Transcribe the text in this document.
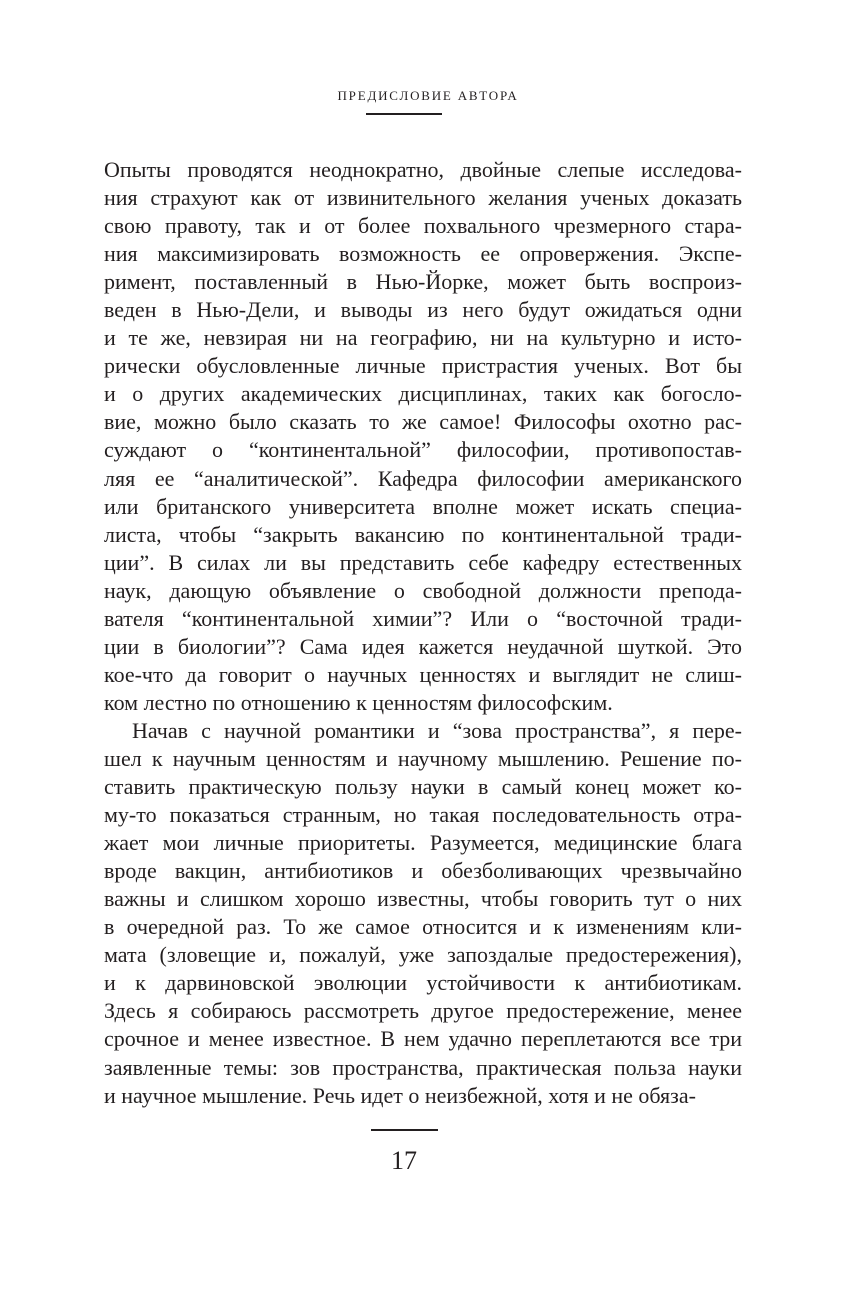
ПРЕДИСЛОВИЕ АВТОРА
Опыты проводятся неоднократно, двойные слепые исследова-
ния страхуют как от извинительного желания ученых доказать
свою правоту, так и от более похвального чрезмерного стара-
ния максимизировать возможность ее опровержения. Экспе-
римент, поставленный в Нью-Йорке, может быть воспроиз-
веден в Нью-Дели, и выводы из него будут ожидаться одни
и те же, невзирая ни на географию, ни на культурно и исто-
рически обусловленные личные пристрастия ученых. Вот бы
и о других академических дисциплинах, таких как богосло-
вие, можно было сказать то же самое! Философы охотно рас-
суждают о “континентальной” философии, противопостав-
ляя ее “аналитической”. Кафедра философии американского
или британского университета вполне может искать специа-
листа, чтобы “закрыть вакансию по континентальной тради-
ции”. В силах ли вы представить себе кафедру естественных
наук, дающую объявление о свободной должности препода-
вателя “континентальной химии”? Или о “восточной тради-
ции в биологии”? Сама идея кажется неудачной шуткой. Это
кое-что да говорит о научных ценностях и выглядит не слиш-
ком лестно по отношению к ценностям философским.
Начав с научной романтики и “зова пространства”, я пере-
шел к научным ценностям и научному мышлению. Решение по-
ставить практическую пользу науки в самый конец может ко-
му-то показаться странным, но такая последовательность отра-
жает мои личные приоритеты. Разумеется, медицинские блага
вроде вакцин, антибиотиков и обезболивающих чрезвычайно
важны и слишком хорошо известны, чтобы говорить тут о них
в очередной раз. То же самое относится и к изменениям кли-
мата (зловещие и, пожалуй, уже запоздалые предостережения),
и к дарвиновской эволюции устойчивости к антибиотикам.
Здесь я собираюсь рассмотреть другое предостережение, менее
срочное и менее известное. В нем удачно переплетаются все три
заявленные темы: зов пространства, практическая польза науки
и научное мышление. Речь идет о неизбежной, хотя и не обяза-
17
